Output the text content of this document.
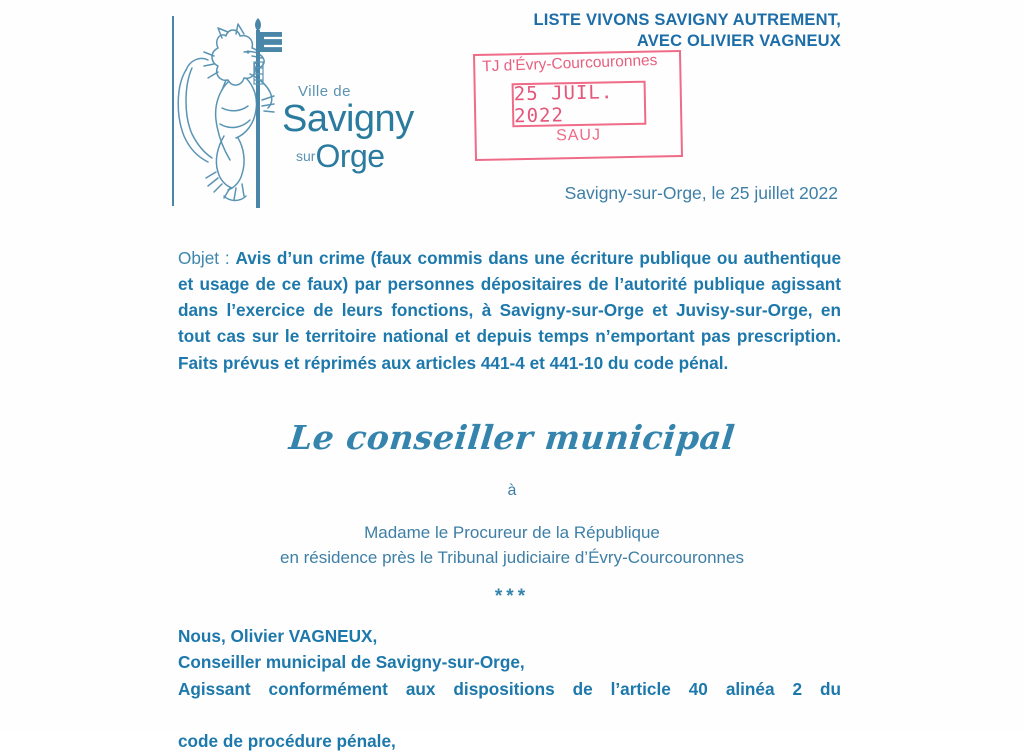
Ville de
Savigny
surOrge
LISTE VIVONS SAVIGNY AUTREMENT,
AVEC OLIVIER VAGNEUX
TJ d'Évry-Courcouronnes
25 JUIL. 2022
SAUJ
Savigny-sur-Orge, le 25 juillet 2022
Objet : Avis d’un crime (faux commis dans une écriture publique ou authentique et usage de ce faux) par personnes dépositaires de l’autorité publique agissant dans l’exercice de leurs fonctions, à Savigny-sur-Orge et Juvisy-sur-Orge, en tout cas sur le territoire national et depuis temps n’emportant pas prescription. Faits prévus et réprimés aux articles 441-4 et 441-10 du code pénal.
Le conseiller municipal
à
Madame le Procureur de la République
en résidence près le Tribunal judiciaire d’Évry-Courcouronnes
***
Nous, Olivier VAGNEUX,
Conseiller municipal de Savigny-sur-Orge,
Agissant conformément aux dispositions de l’article 40 alinéa 2 du
code de procédure pénale,
